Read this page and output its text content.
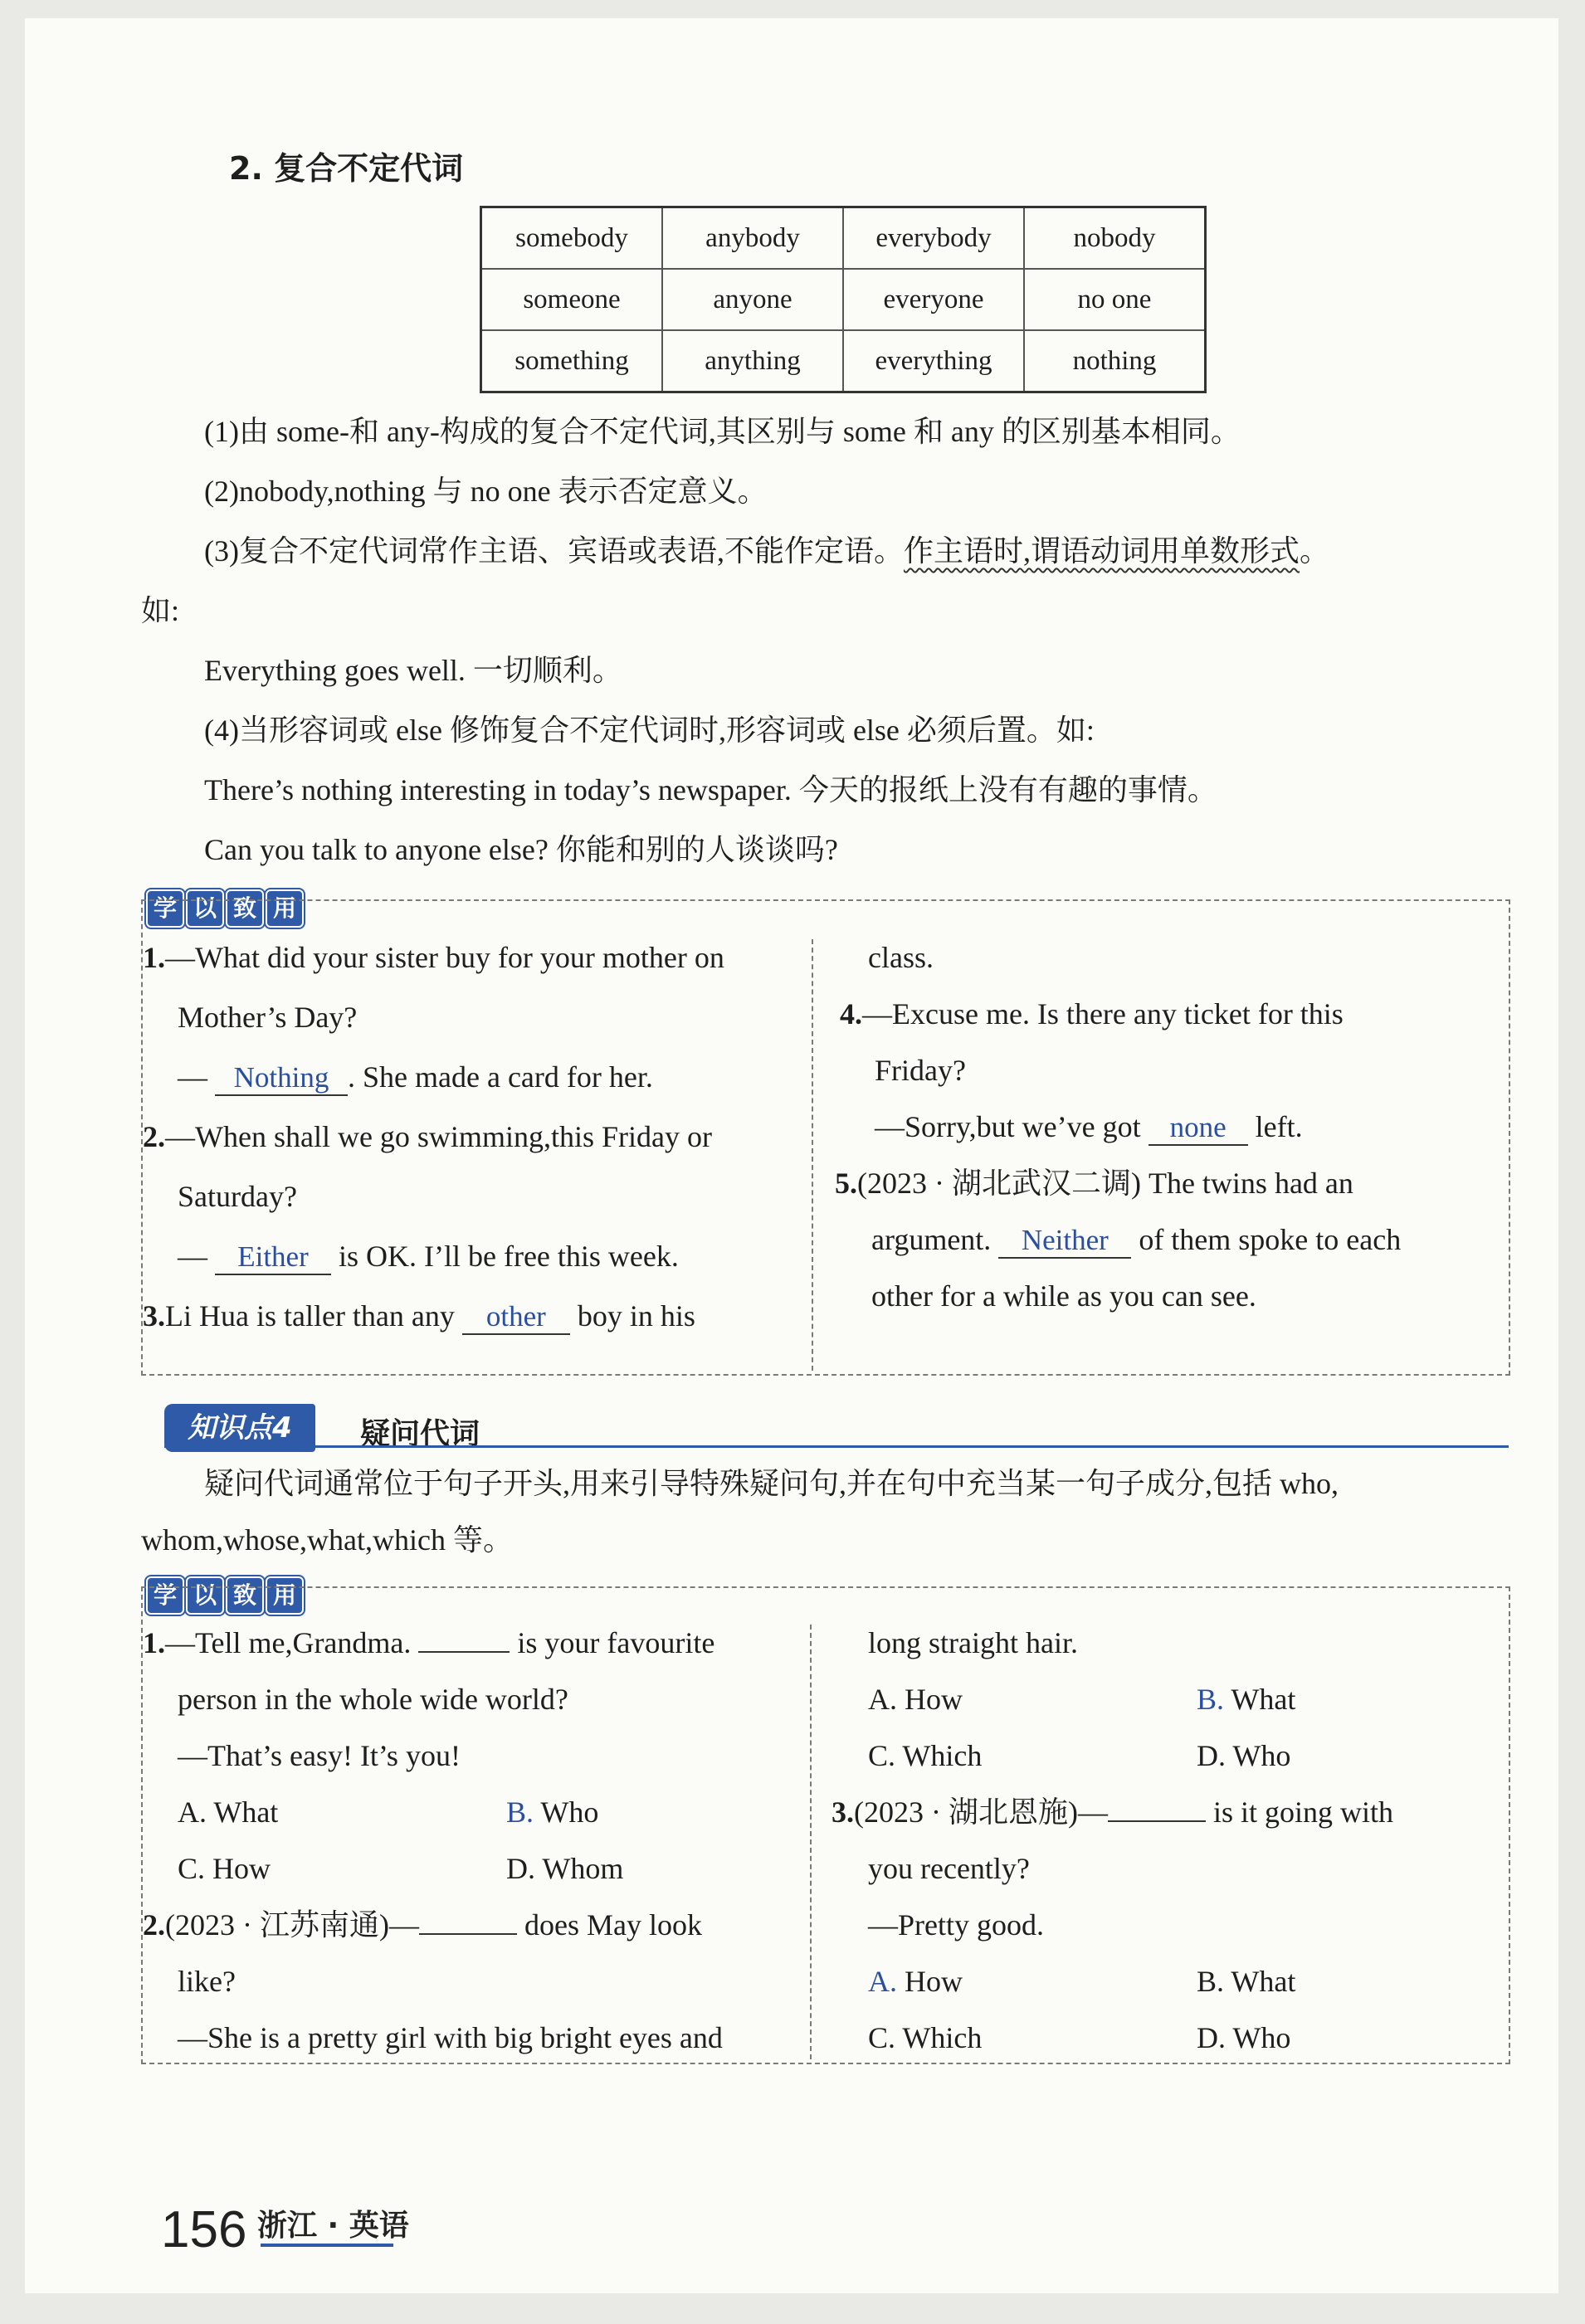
2. 复合不定代词
somebody	anybody	everybody	nobody
someone	anyone	everyone	no one
something	anything	everything	nothing
(1)由 some-和 any-构成的复合不定代词,其区别与 some 和 any 的区别基本相同。
(2)nobody,nothing 与 no one 表示否定意义。
(3)复合不定代词常作主语、宾语或表语,不能作定语。作主语时,谓语动词用单数形式。
如:
Everything goes well. 一切顺利。
(4)当形容词或 else 修饰复合不定代词时,形容词或 else 必须后置。如:
There’s nothing interesting in today’s newspaper. 今天的报纸上没有有趣的事情。
Can you talk to anyone else? 你能和别的人谈谈吗?
学 以 致 用
1.—What did your sister buy for your mother on
Mother’s Day?
— Nothing . She made a card for her.
2.—When shall we go swimming,this Friday or
Saturday?
— Either is OK. I’ll be free this week.
3.Li Hua is taller than any other boy in his
class.
4.—Excuse me. Is there any ticket for this
Friday?
—Sorry,but we’ve got none left.
5.(2023 · 湖北武汉二调) The twins had an
argument. Neither of them spoke to each
other for a while as you can see.
知识点4	疑问代词
疑问代词通常位于句子开头,用来引导特殊疑问句,并在句中充当某一句子成分,包括 who,
whom,whose,what,which 等。
学 以 致 用
1.—Tell me,Grandma.	is your favourite
person in the whole wide world?
—That’s easy! It’s you!
A. What	B. Who
C. How	D. Whom
2.(2023 · 江苏南通)—	does May look
like?
—She is a pretty girl with big bright eyes and
long straight hair.
A. How	B. What
C. Which	D. Who
3.(2023 · 湖北恩施)—	is it going with
you recently?
—Pretty good.
A. How	B. What
C. Which	D. Who
156 浙江 · 英语
